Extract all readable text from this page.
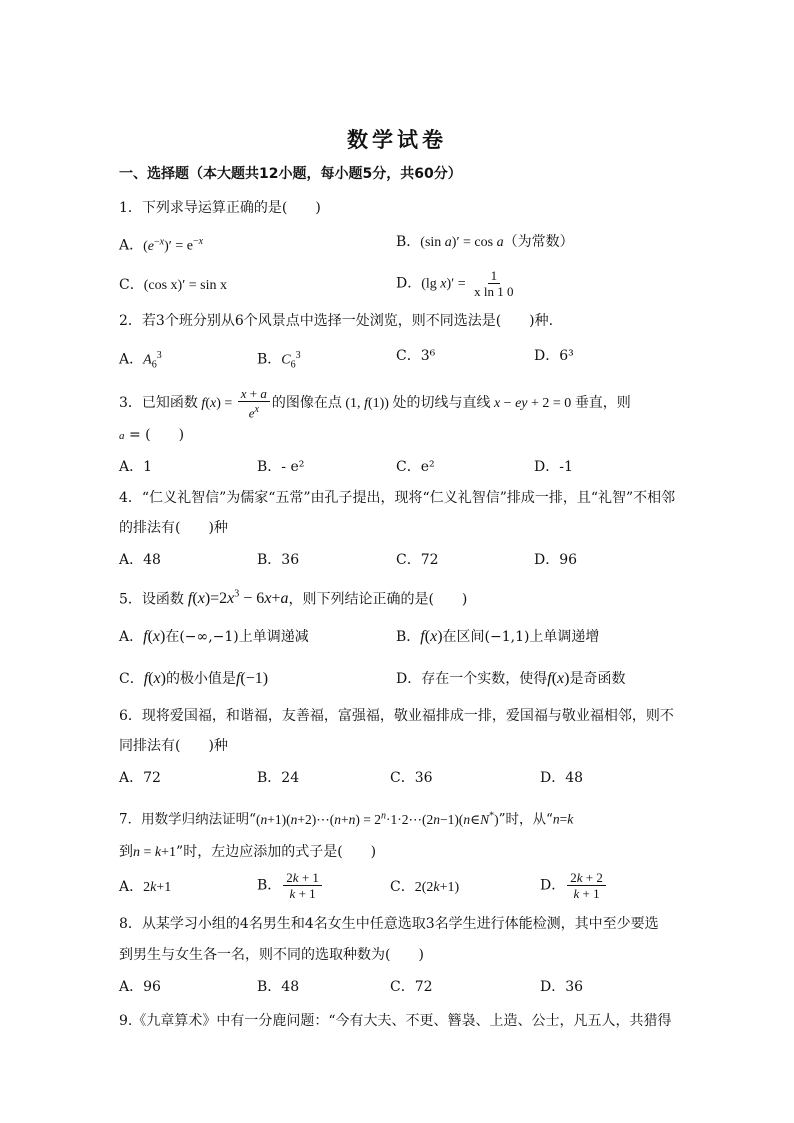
数学试卷
一、选择题（本大题共12小题，每小题5分，共60分）
1．下列求导运算正确的是(　　)
A．$(e^{-x})' = e^{-x}$	B．(sin a)′ = cos a（为常数）
C．(cos x)′ = sin x	D．(lg $x)' = \frac{1}{\text{x ln 1 0}}$
2．若3个班分别从6个风景点中选择一处浏览，则不同选法是(　　)种.
A．$A_6^3$	B．$C_6^3$	C．3⁶	D．6³
3．已知函数 $f(x) = \frac{x + a}{e^x}$ 的图像在点 (1, f(1)) 处的切线与直线 x − ey + 2 = 0 垂直，则
a = (　　)
A．1	B．- e²	C．e²	D．-1
4．“仁义礼智信”为儒家“五常”由孔子提出，现将“仁义礼智信”排成一排，且“礼智”不相邻
的排法有(　　)种
A．48	B．36	C．72	D．96
5．设函数 $f(x)=2x^3 - 6x+a$，则下列结论正确的是(　　)
A．f(x)在(−∞,−1)上单调递减	B．f(x)在区间(−1,1)上单调递增
C．f(x)的极小值是f(−1)	D．存在一个实数，使得f(x)是奇函数
6．现将爱国福，和谐福，友善福，富强福，敬业福排成一排，爱国福与敬业福相邻，则不
同排法有(　　)种
A．72	B．24	C．36	D．48
7．用数学归纳法证明“(n+1)(n+2)⋯(n+n) = $2^n\cdot 1\cdot 2\cdots(2n-1)(n\in N^*)$”时，从“n=k
到n = k+1”时，左边应添加的式子是(　　)
A．2k+1	B． $\frac{2k + 1}{k + 1}$	C．2(2k+1)	D． $\frac{2k + 2}{k + 1}$
8．从某学习小组的4名男生和4名女生中任意选取3名学生进行体能检测，其中至少要选
到男生与女生各一名，则不同的选取种数为(　　)
A．96	B．48	C．72	D．36
9.《九章算术》中有一分鹿问题：“今有大夫、不更、簪袅、上造、公士，凡五人，共猎得
